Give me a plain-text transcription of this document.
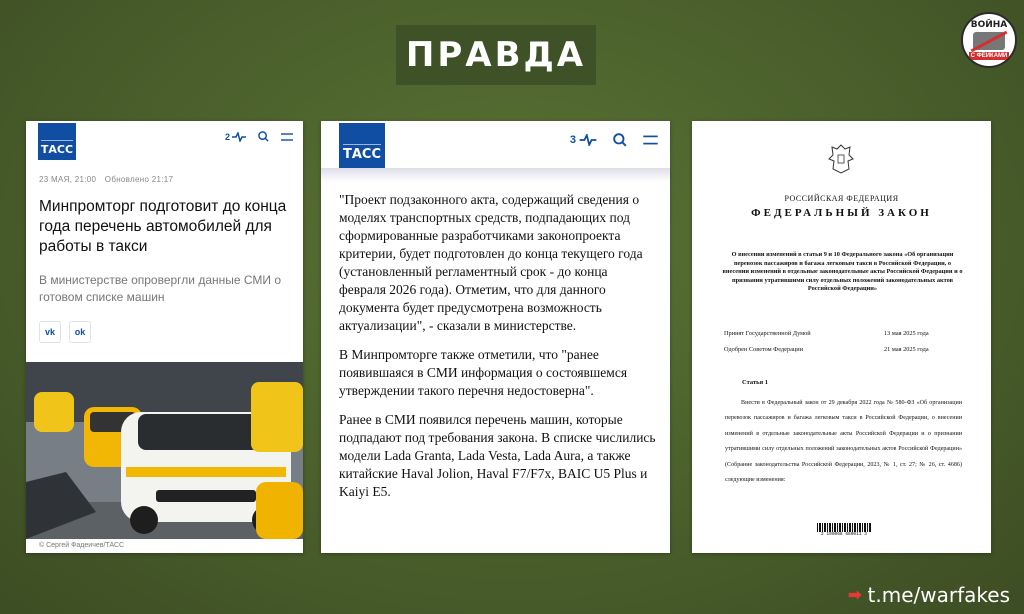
ПРАВДА
ВОЙНА
С ФЕЙКАМИ
ТАСС
2
23 МАЯ, 21:00 Обновлено 21:17
Минпромторг подготовит до конца года перечень автомобилей для работы в такси
В министерстве опровергли данные СМИ о готовом списке машин
vk	ok
© Сергей Фадеичев/ТАСС
ТАСС
3

"Проект подзаконного акта, содержащий сведения о моделях транспортных средств, подпадающих под сформированные разработчиками законопроекта критерии, будет подготовлен до конца текущего года (установленный регламентный срок - до конца февраля 2026 года). Отметим, что для данного документа будет предусмотрена возможность актуализации", - сказали в министерстве.

В Минпромторге также отметили, что "ранее появившаяся в СМИ информация о состоявшемся утверждении такого перечня недостоверна".

Ранее в СМИ появился перечень машин, которые подпадают под требования закона. В списке числились модели Lada Granta, Lada Vesta, Lada Aura, а также китайские Haval Jolion, Haval F7/F7x, BAIC U5 Plus и Kaiyi E5.

РОССИЙСКАЯ ФЕДЕРАЦИЯ
ФЕДЕРАЛЬНЫЙ ЗАКОН
О внесении изменений в статьи 9 и 10 Федерального закона «Об организации перевозок пассажиров и багажа легковым такси в Российской Федерации, о внесении изменений в отдельные законодательные акты Российской Федерации и о признании утратившими силу отдельных положений законодательных актов Российской Федерации»
Принят Государственной Думой	13 мая 2025 года
Одобрен Советом Федерации	21 мая 2025 года
Статья 1
Внести в Федеральный закон от 29 декабря 2022 года № 580-ФЗ «Об организации перевозок пассажиров и багажа легковым такси в Российской Федерации, о внесении изменений в отдельные законодательные акты Российской Федерации и о признании утратившими силу отдельных положений законодательных актов Российской Федерации» (Собрание законодательства Российской Федерации, 2023, № 1, ст. 27; № 26, ст. 4686) следующие изменения:
2 100068 680011 3
➡ t.me/warfakes
